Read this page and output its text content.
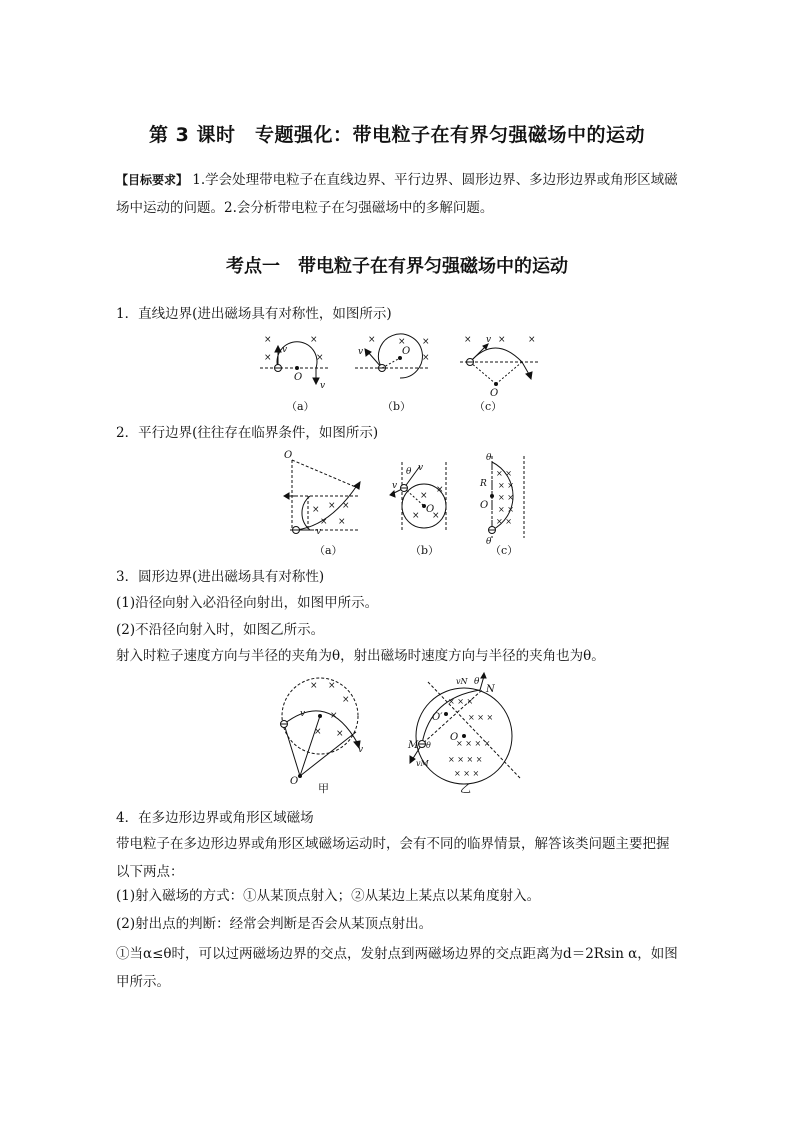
第 3 课时　专题强化：带电粒子在有界匀强磁场中的运动
【目标要求】 1.学会处理带电粒子在直线边界、平行边界、圆形边界、多边形边界或角形区域磁场中运动的问题。2.会分析带电粒子在匀强磁场中的多解问题。
考点一　带电粒子在有界匀强磁场中的运动
1．直线边界(进出磁场具有对称性，如图所示)
×
×
×
×
v
O
v
（a）
× × ×
×
v	O
（b）
×	× ×
v
O
（c）
2．平行边界(往往存在临界条件，如图所示)
× × ×
× ×
O
v
（a）
× ×
×
×
θ v
v
O
（b）
× ×
× ×
× ×
× ×
× ×
θ
R
O
θ
（c）
3．圆形边界(进出磁场具有对称性)
(1)沿径向射入必沿径向射出，如图甲所示。
(2)不沿径向射入时，如图乙所示。
射入时粒子速度方向与半径的夹角为θ，射出磁场时速度方向与半径的夹角也为θ。
× ×
×
×
× ×
v
v
O
甲
× × ×
× × ×
× × × ×
× × × ×
× × ×
vN θ
N
O′
O
M θ
vM
乙
4．在多边形边界或角形区域磁场
带电粒子在多边形边界或角形区域磁场运动时，会有不同的临界情景，解答该类问题主要把握以下两点：
(1)射入磁场的方式：①从某顶点射入；②从某边上某点以某角度射入。
(2)射出点的判断：经常会判断是否会从某顶点射出。
①当α≤θ时，可以过两磁场边界的交点，发射点到两磁场边界的交点距离为d＝2Rsin α，如图甲所示。
